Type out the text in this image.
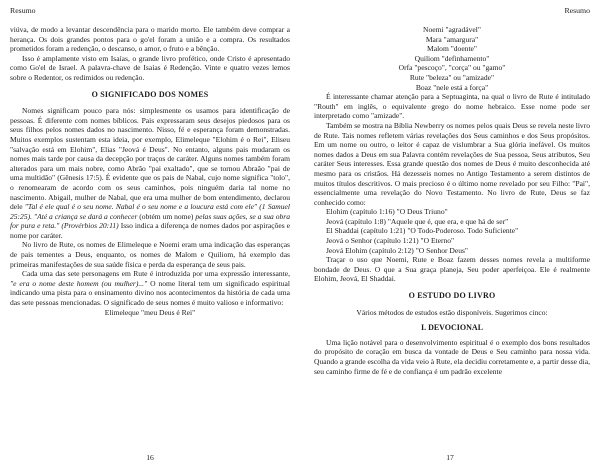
Resumo

viúva, de modo a levantar descendência para o marido morto. Ele também deve comprar a herança. Os dois grandes pontos para o go'el foram a união e a compra. Os resultados prometidos foram a redenção, o descanso, o amor, o fruto e a bênção.

Isso é amplamente visto em Isaías, o grande livro profético, onde Cristo é apresentado como Go'el de Israel. A palavra-chave de Isaías é Redenção. Vinte e quatro vezes lemos sobre o Redentor, os redimidos ou redenção.

O SIGNIFICADO DOS NOMES

Nomes significam pouco para nós: simplesmente os usamos para identificação de pessoas. É diferente com nomes bíblicos. Pais expressaram seus desejos piedosos para os seus filhos pelos nomes dados no nascimento. Nisso, fé e esperança foram demonstradas. Muitos exemplos sustentam esta ideia, por exemplo, Elimeleque "Elohim é o Rei", Eliseu "salvação está em Elohim", Elias "Jeová é Deus". No entanto, alguns pais mudaram os nomes mais tarde por causa da decepção por traços de caráter. Alguns nomes também foram alterados para um mais nobre, como Abrão "pai exaltado", que se tornou Abraão "pai de uma multidão" (Gênesis 17:5). É evidente que os pais de Nabal, cujo nome significa "tolo", o renomearam de acordo com os seus caminhos, pois ninguém daria tal nome no nascimento. Abigail, mulher de Nabal, que era uma mulher de bom entendimento, declarou dele "Tal é ele qual é o seu nome. Nabal é o seu nome e a loucura está com ele" (1 Samuel 25:25). "Até a criança se dará a conhecer (obtém um nome) pelas suas ações, se a sua obra for pura e reta." (Provérbios 20:11) Isso indica a diferença de nomes dados por aspirações e nome por caráter.

No livro de Rute, os nomes de Elimeleque e Noemi eram uma indicação das esperanças de pais tementes a Deus, enquanto, os nomes de Malom e Quiliom, há exemplo das primeiras manifestações de sua saúde física e perda da esperança de seus pais.

Cada uma das sete personagens em Rute é introduzida por uma expressão interessante, "e era o nome deste homem (ou mulher)..." O nome literal tem um significado espiritual indicando uma pista para o ensinamento divino nos acontecimentos da história de cada uma das sete pessoas mencionadas. O significado de seus nomes é muito valioso e informativo:

Elimeleque "meu Deus é Rei"

16
Resumo

Noemi "agradável"

Mara "amargura"

Malom "doente"

Quiliom "definhamento"

Orfa "pescoço", "corça" ou "gamo"

Rute "beleza" ou "amizade"

Boaz "nele está a força"

É interessante chamar atenção para a Septuaginta, na qual o livro de Rute é intitulado "Routh" em inglês, o equivalente grego do nome hebraico. Esse nome pode ser interpretado como "amizade".

Também se mostra na Bíblia Newberry os nomes pelos quais Deus se revela neste livro de Rute. Tais nomes refletem várias revelações dos Seus caminhos e dos Seus propósitos. Em um nome ou outro, o leitor é capaz de vislumbrar a Sua glória inefável. Os muitos nomes dados a Deus em sua Palavra contém revelações de Sua pessoa, Seus atributos, Seu caráter Seus interesses. Essa grande questão dos nomes de Deus é muito desconhecida até mesmo para os cristãos. Há dezesseis nomes no Antigo Testamento a serem distintos de muitos títulos descritivos. O mais precioso é o último nome revelado por seu Filho: "Pai", essencialmente uma revelação do Novo Testamento. No livro de Rute, Deus se faz conhecido como:

Elohim (capítulo 1:16) "O Deus Triuno"

Jeová (capítulo 1:8) "Aquele que é, que era, e que há de ser"

El Shaddai (capítulo 1:21) "O Todo-Poderoso. Todo Suficiente"

Jeová o Senhor (capítulo 1:21) "O Eterno"

Jeová Elohim (capítulo 2:12) "O Senhor Deus"

Traçar o uso que Noemi, Rute e Boaz fazem desses nomes revela a multiforme bondade de Deus. O que a Sua graça planeja, Seu poder aperfeiçoa. Ele é realmente Elohim, Jeová, El Shaddai.

O ESTUDO DO LIVRO

Vários métodos de estudos estão disponíveis. Sugerimos cinco:

I. DEVOCIONAL

Uma lição notável para o desenvolvimento espiritual é o exemplo dos bons resultados do propósito de coração em busca da vontade de Deus e Seu caminho para nossa vida. Quando a grande escolha da vida veio à Rute, ela decidiu corretamente e, a partir desse dia, seu caminho firme de fé e de confiança é um padrão excelente

17
